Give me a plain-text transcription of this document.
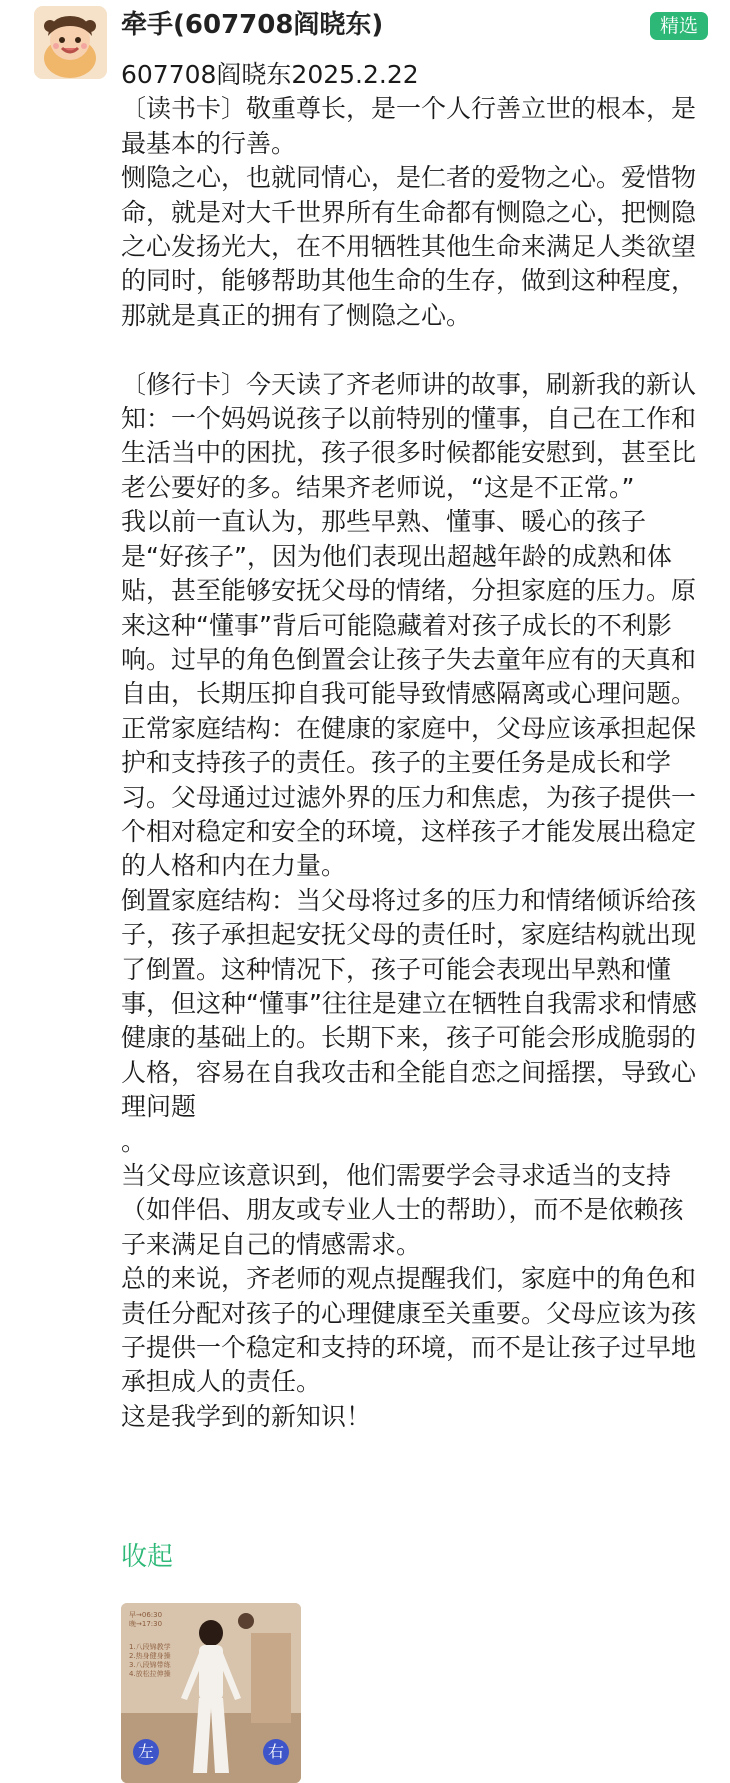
牵手(607708阎晓东)	精选
607708阎晓东2025.2.22
〔读书卡〕敬重尊长，是一个人行善立世的根本，是最基本的行善。
恻隐之心，也就同情心，是仁者的爱物之心。爱惜物命，就是对大千世界所有生命都有恻隐之心，把恻隐之心发扬光大，在不用牺牲其他生命来满足人类欲望的同时，能够帮助其他生命的生存，做到这种程度，那就是真正的拥有了恻隐之心。

〔修行卡〕今天读了齐老师讲的故事，刷新我的新认知：一个妈妈说孩子以前特别的懂事，自己在工作和生活当中的困扰，孩子很多时候都能安慰到，甚至比老公要好的多。结果齐老师说，“这是不正常。”
我以前一直认为，那些早熟、懂事、暖心的孩子是“好孩子”，因为他们表现出超越年龄的成熟和体贴，甚至能够安抚父母的情绪，分担家庭的压力。原来这种“懂事”背后可能隐藏着对孩子成长的不利影响。过早的角色倒置会让孩子失去童年应有的天真和自由，长期压抑自我可能导致情感隔离或心理问题。
正常家庭结构：在健康的家庭中，父母应该承担起保护和支持孩子的责任。孩子的主要任务是成长和学习。父母通过过滤外界的压力和焦虑，为孩子提供一个相对稳定和安全的环境，这样孩子才能发展出稳定的人格和内在力量。
倒置家庭结构：当父母将过多的压力和情绪倾诉给孩子，孩子承担起安抚父母的责任时，家庭结构就出现了倒置。这种情况下，孩子可能会表现出早熟和懂事，但这种“懂事”往往是建立在牺牲自我需求和情感健康的基础上的。长期下来，孩子可能会形成脆弱的人格，容易在自我攻击和全能自恋之间摇摆，导致心理问题
。
当父母应该意识到，他们需要学会寻求适当的支持（如伴侣、朋友或专业人士的帮助），而不是依赖孩子来满足自己的情感需求。
总的来说，齐老师的观点提醒我们，家庭中的角色和责任分配对孩子的心理健康至关重要。父母应该为孩子提供一个稳定和支持的环境，而不是让孩子过早地承担成人的责任。
这是我学到的新知识！
收起
早→06:30
晚→17:30
1.八段锦教学
2.热身健身操
3.八段锦带练
4.放松拉伸操
左	右
